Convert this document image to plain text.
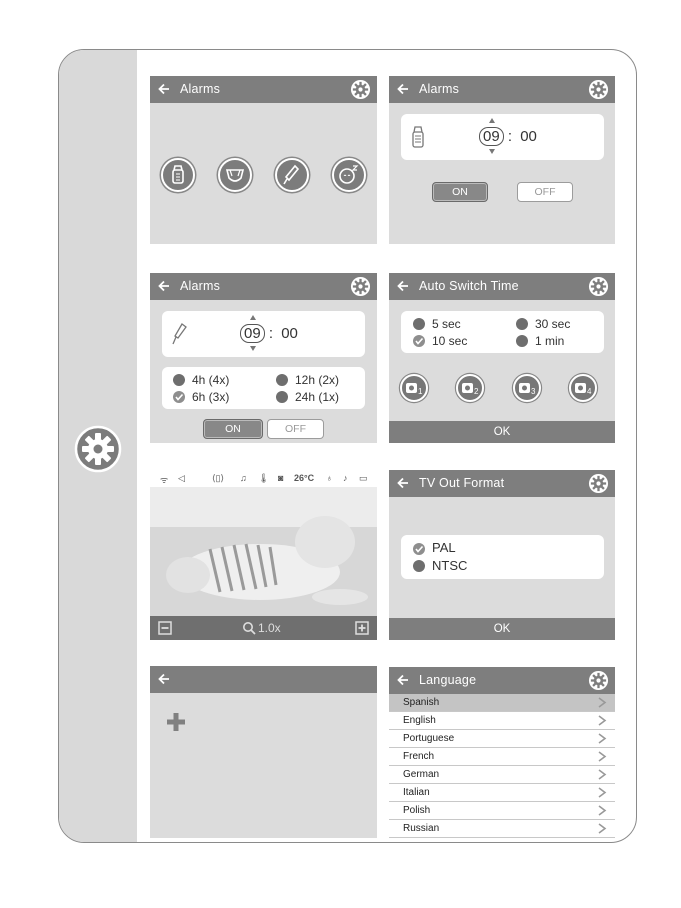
Alarms	Alarms
09 : 00
ON	OFF
Alarms
09 : 00
4h (4x)	12h (2x)
6h (3x)	24h (1x)
ON	OFF
Auto Switch Time
5 sec	30 sec
10 sec	1 min
1	2	3	4
OK
ᯤ ◁	⟨▯⟩ ♫ 🌡 ◙ 26°C ♁ ♪ ▭
1.0x
TV Out Format
PAL
NTSC
OK
Language
Spanish
English
Portuguese
French
German
Italian
Polish
Russian
